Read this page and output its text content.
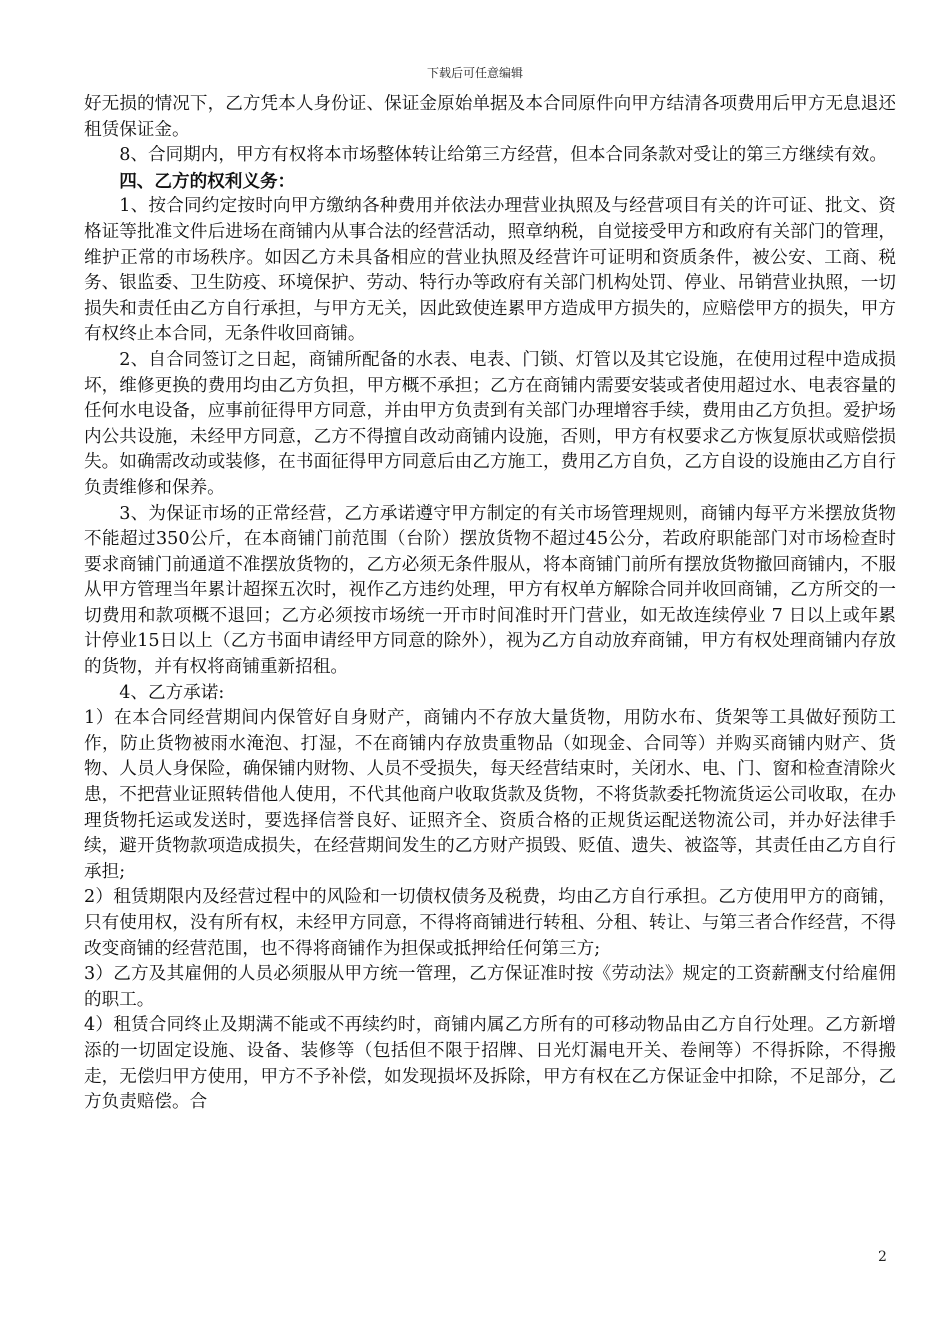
下载后可任意编辑

好无损的情况下，乙方凭本人身份证、保证金原始单据及本合同原件向甲方结清各项费用后甲方无息退还租赁保证金。

8、合同期内，甲方有权将本市场整体转让给第三方经营，但本合同条款对受让的第三方继续有效。

四、乙方的权利义务：

1、按合同约定按时向甲方缴纳各种费用并依法办理营业执照及与经营项目有关的许可证、批文、资格证等批准文件后进场在商铺内从事合法的经营活动，照章纳税，自觉接受甲方和政府有关部门的管理，维护正常的市场秩序。如因乙方未具备相应的营业执照及经营许可证明和资质条件，被公安、工商、税务、银监委、卫生防疫、环境保护、劳动、特行办等政府有关部门机构处罚、停业、吊销营业执照，一切损失和责任由乙方自行承担，与甲方无关，因此致使连累甲方造成甲方损失的，应赔偿甲方的损失，甲方有权终止本合同，无条件收回商铺。

2、自合同签订之日起，商铺所配备的水表、电表、门锁、灯管以及其它设施，在使用过程中造成损坏，维修更换的费用均由乙方负担，甲方概不承担；乙方在商铺内需要安装或者使用超过水、电表容量的任何水电设备，应事前征得甲方同意，并由甲方负责到有关部门办理增容手续，费用由乙方负担。爱护场内公共设施，未经甲方同意，乙方不得擅自改动商铺内设施，否则，甲方有权要求乙方恢复原状或赔偿损失。如确需改动或装修，在书面征得甲方同意后由乙方施工，费用乙方自负，乙方自设的设施由乙方自行负责维修和保养。

3、为保证市场的正常经营，乙方承诺遵守甲方制定的有关市场管理规则，商铺内每平方米摆放货物不能超过350公斤，在本商铺门前范围（台阶）摆放货物不超过45公分，若政府职能部门对市场检查时要求商铺门前通道不准摆放货物的，乙方必须无条件服从，将本商铺门前所有摆放货物撤回商铺内，不服从甲方管理当年累计超探五次时，视作乙方违约处理，甲方有权单方解除合同并收回商铺，乙方所交的一切费用和款项概不退回；乙方必须按市场统一开市时间准时开门营业，如无故连续停业 7 日以上或年累计停业15日以上（乙方书面申请经甲方同意的除外），视为乙方自动放弃商铺，甲方有权处理商铺内存放的货物，并有权将商铺重新招租。

4、乙方承诺:

1）在本合同经营期间内保管好自身财产，商铺内不存放大量货物，用防水布、货架等工具做好预防工作，防止货物被雨水淹泡、打湿，不在商铺内存放贵重物品（如现金、合同等）并购买商铺内财产、货物、人员人身保险，确保铺内财物、人员不受损失，每天经营结束时，关闭水、电、门、窗和检查清除火患，不把营业证照转借他人使用，不代其他商户收取货款及货物，不将货款委托物流货运公司收取，在办理货物托运或发送时，要选择信誉良好、证照齐全、资质合格的正规货运配送物流公司，并办好法律手续，避开货物款项造成损失，在经营期间发生的乙方财产损毁、贬值、遗失、被盗等，其责任由乙方自行承担;

2）租赁期限内及经营过程中的风险和一切债权债务及税费，均由乙方自行承担。乙方使用甲方的商铺，只有使用权，没有所有权，未经甲方同意，不得将商铺进行转租、分租、转让、与第三者合作经营，不得改变商铺的经营范围，也不得将商铺作为担保或抵押给任何第三方;

3）乙方及其雇佣的人员必须服从甲方统一管理，乙方保证准时按《劳动法》规定的工资薪酬支付给雇佣的职工。

4）租赁合同终止及期满不能或不再续约时，商铺内属乙方所有的可移动物品由乙方自行处理。乙方新增添的一切固定设施、设备、装修等（包括但不限于招牌、日光灯漏电开关、卷闸等）不得拆除，不得搬走，无偿归甲方使用，甲方不予补偿，如发现损坏及拆除，甲方有权在乙方保证金中扣除，不足部分，乙方负责赔偿。合

2
